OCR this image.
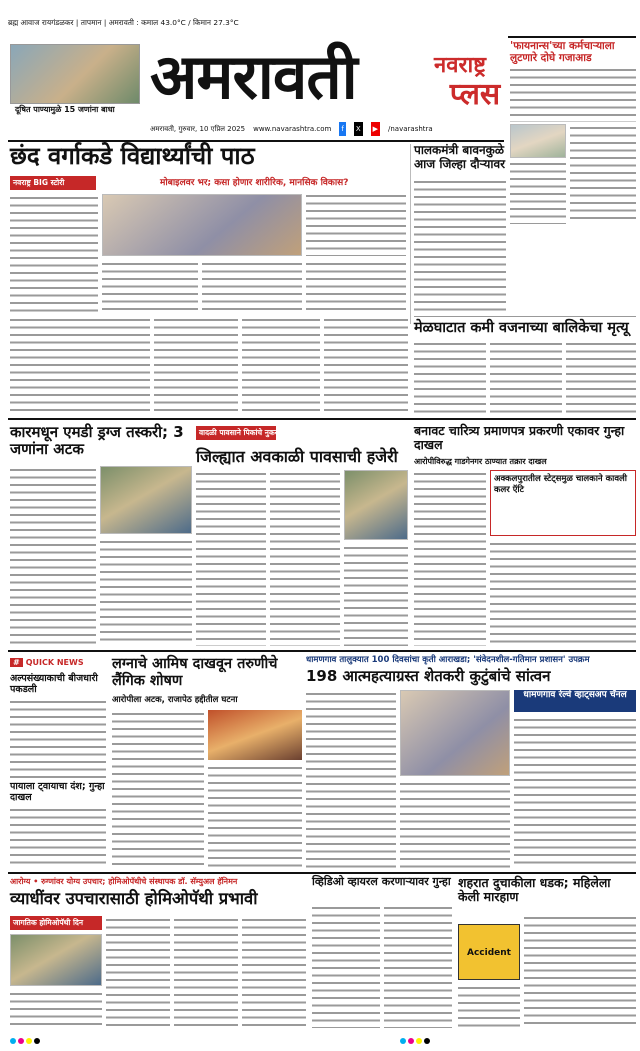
ब्रह्म आवाज रायगंडळकर | तापमान | अमरावती : कमाल 43.0°C / किमान 27.3°C
दूषित पाण्यामुळे 15 जणांना बाधा अमरावती	नवराष्ट्र
प्लस
अमरावती, गुरुवार, 10 एप्रिल 2025 www.navarashtra.com f X ▶ /navarashtra
'फायनान्स'च्या कर्मचाऱ्याला लुटणारे दोघे गजाआड
छंद वर्गाकडे विद्यार्थ्यांची पाठ
नवराष्ट्र BIG स्टोरी	मोबाइलवर भर; कसा होणार शारीरिक, मानसिक विकास?
पालकमंत्री बावनकुळे आज जिल्हा दौऱ्यावर
मेळघाटात कमी वजनाच्या बालिकेचा मृत्यू
कारमधून एमडी ड्रग्ज तस्करी; 3 जणांना अटक
वादळी पावसाने पिकांचे नुकसान • अचलपुरात टीनपत्रे उडाले
जिल्ह्यात अवकाळी पावसाची हजेरी
बनावट चारित्र्य प्रमाणपत्र प्रकरणी एकावर गुन्हा दाखल
आरोपीविरुद्ध गाडगेनगर ठाण्यात तक्रार दाखल
अक्कलपुरातील स्टेट्समुळ चालकाने कावली कलर ऍटि
# QUICK NEWS
अल्पसंख्याकाची बीजधारी पकडली
पायाला ट्वायाचा दंश; गुन्हा दाखल
लग्नाचे आमिष दाखवून तरुणीचे लैंगिक शोषण
आरोपीला अटक, राजापेठ हद्दीतील घटना
धामणगाव तालुक्यात 100 दिवसांचा कृती आराखडा; 'संवेदनशील-गतिमान प्रशासन' उपक्रम
198 आत्महत्याग्रस्त शेतकरी कुटुंबांचे सांत्वन
धामणगाव रेल्वे व्हाट्सअप चॅनल
आरोग्य • रुग्णांवर योग्य उपचार; होमिओपॅथीचे संस्थापक डॉ. सॅम्युअल हॅनिमन
व्याधींवर उपचारासाठी होमिओपॅथी प्रभावी
जागतिक होमिओपॅथी दिन
व्हिडिओ व्हायरल करणाऱ्यावर गुन्हा शहरात दुचाकीला धडक; महिलेला केली मारहाण
Accident
